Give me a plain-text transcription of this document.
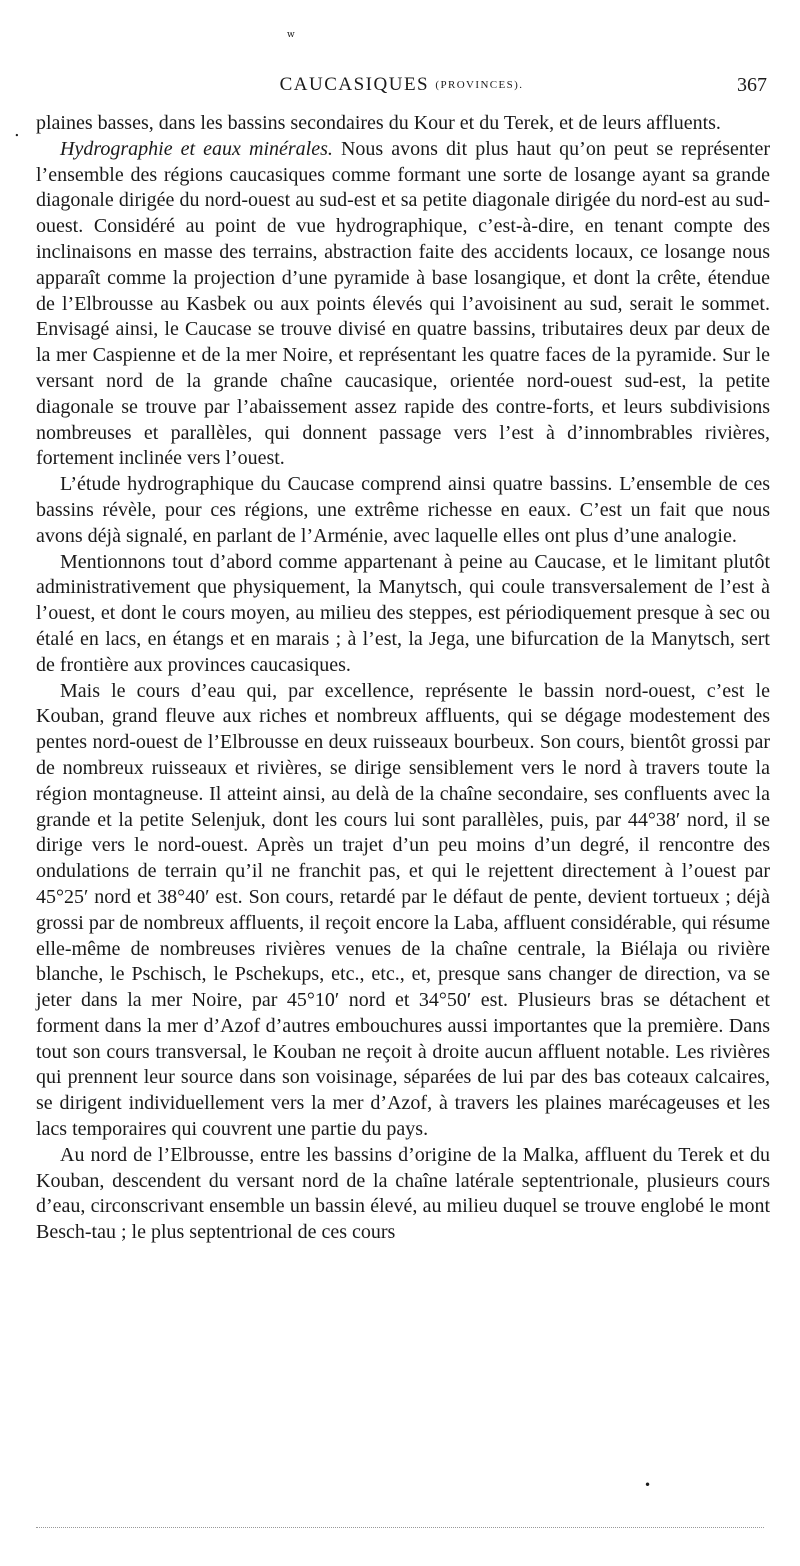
w
CAUCASIQUES (PROVINCES).	367
. plaines basses, dans les bassins secondaires du Kour et du Terek, et de leurs affluents.

Hydrographie et eaux minérales. Nous avons dit plus haut qu’on peut se représenter l’ensemble des régions caucasiques comme formant une sorte de losange ayant sa grande diagonale dirigée du nord-ouest au sud-est et sa petite diagonale dirigée du nord-est au sud-ouest. Considéré au point de vue hydrographique, c’est-à-dire, en tenant compte des inclinaisons en masse des terrains, abstraction faite des accidents locaux, ce losange nous apparaît comme la projection d’une pyramide à base losangique, et dont la crête, étendue de l’Elbrousse au Kasbek ou aux points élevés qui l’avoisinent au sud, serait le sommet. Envisagé ainsi, le Caucase se trouve divisé en quatre bassins, tributaires deux par deux de la mer Caspienne et de la mer Noire, et représentant les quatre faces de la pyramide. Sur le versant nord de la grande chaîne caucasique, orientée nord-ouest sud-est, la petite diagonale se trouve par l’abaissement assez rapide des contre-forts, et leurs subdivisions nombreuses et parallèles, qui donnent passage vers l’est à d’innombrables rivières, fortement inclinée vers l’ouest.

L’étude hydrographique du Caucase comprend ainsi quatre bassins. L’ensemble de ces bassins révèle, pour ces régions, une extrême richesse en eaux. C’est un fait que nous avons déjà signalé, en parlant de l’Arménie, avec laquelle elles ont plus d’une analogie.

Mentionnons tout d’abord comme appartenant à peine au Caucase, et le limitant plutôt administrativement que physiquement, la Manytsch, qui coule transversalement de l’est à l’ouest, et dont le cours moyen, au milieu des steppes, est périodiquement presque à sec ou étalé en lacs, en étangs et en marais ; à l’est, la Jega, une bifurcation de la Manytsch, sert de frontière aux provinces caucasiques.

Mais le cours d’eau qui, par excellence, représente le bassin nord-ouest, c’est le Kouban, grand fleuve aux riches et nombreux affluents, qui se dégage modestement des pentes nord-ouest de l’Elbrousse en deux ruisseaux bourbeux. Son cours, bientôt grossi par de nombreux ruisseaux et rivières, se dirige sensiblement vers le nord à travers toute la région montagneuse. Il atteint ainsi, au delà de la chaîne secondaire, ses confluents avec la grande et la petite Selenjuk, dont les cours lui sont parallèles, puis, par 44°38′ nord, il se dirige vers le nord-ouest. Après un trajet d’un peu moins d’un degré, il rencontre des ondulations de terrain qu’il ne franchit pas, et qui le rejettent directement à l’ouest par 45°25′ nord et 38°40′ est. Son cours, retardé par le défaut de pente, devient tortueux ; déjà grossi par de nombreux affluents, il reçoit encore la Laba, affluent considérable, qui résume elle-même de nombreuses rivières venues de la chaîne centrale, la Biélaja ou rivière blanche, le Pschisch, le Pschekups, etc., etc., et, presque sans changer de direction, va se jeter dans la mer Noire, par 45°10′ nord et 34°50′ est. Plusieurs bras se détachent et forment dans la mer d’Azof d’autres embouchures aussi importantes que la première. Dans tout son cours transversal, le Kouban ne reçoit à droite aucun affluent notable. Les rivières qui prennent leur source dans son voisinage, séparées de lui par des bas coteaux calcaires, se dirigent individuellement vers la mer d’Azof, à travers les plaines marécageuses et les lacs temporaires qui couvrent une partie du pays.

Au nord de l’Elbrousse, entre les bassins d’origine de la Malka, affluent du Terek et du Kouban, descendent du versant nord de la chaîne latérale septentrionale, plusieurs cours d’eau, circonscrivant ensemble un bassin élevé, au milieu duquel se trouve englobé le mont Besch-tau ; le plus septentrional de ces cours

•
